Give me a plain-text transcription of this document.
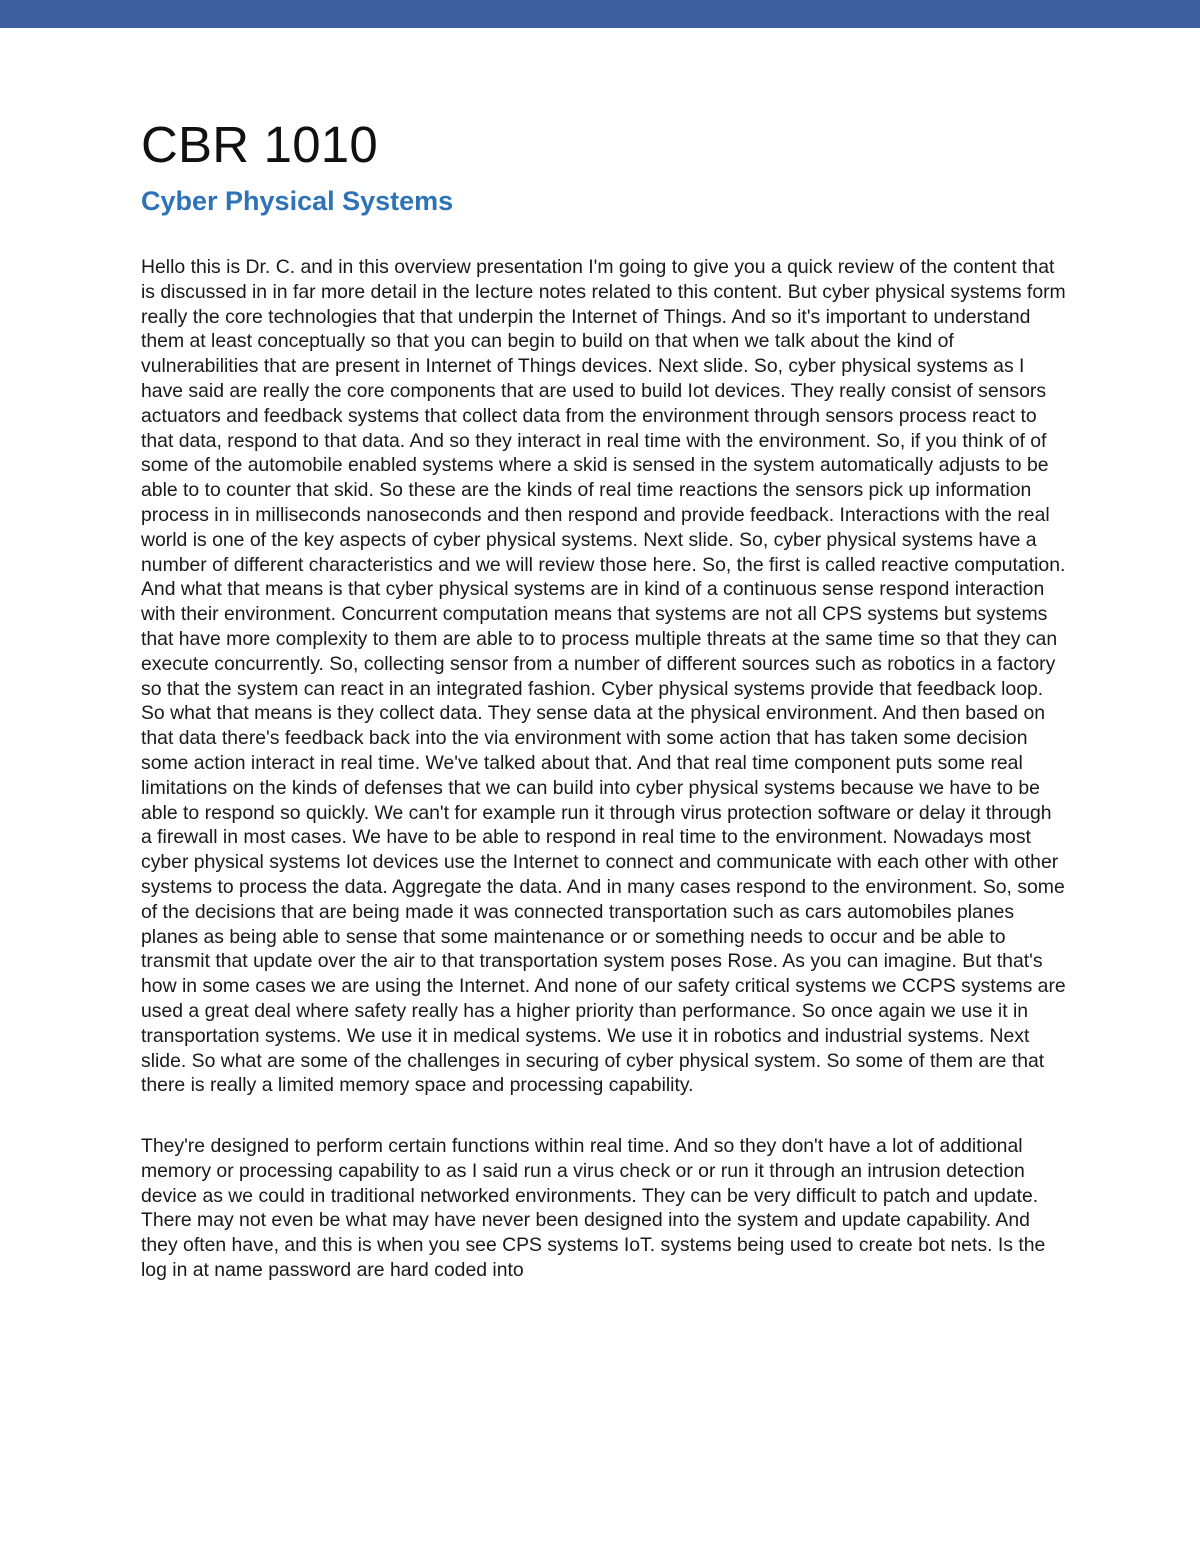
CBR 1010
Cyber Physical Systems

Hello this is Dr. C. and in this overview presentation I'm going to give you a quick review of the content that is discussed in in far more detail in the lecture notes related to this content. But cyber physical systems form really the core technologies that that underpin the Internet of Things. And so it's important to understand them at least conceptually so that you can begin to build on that when we talk about the kind of vulnerabilities that are present in Internet of Things devices. Next slide. So, cyber physical systems as I have said are really the core components that are used to build Iot devices. They really consist of sensors actuators and feedback systems that collect data from the environment through sensors process react to that data, respond to that data. And so they interact in real time with the environment. So, if you think of of some of the automobile enabled systems where a skid is sensed in the system automatically adjusts to be able to to counter that skid. So these are the kinds of real time reactions the sensors pick up information process in in milliseconds nanoseconds and then respond and provide feedback. Interactions with the real world is one of the key aspects of cyber physical systems. Next slide. So, cyber physical systems have a number of different characteristics and we will review those here. So, the first is called reactive computation. And what that means is that cyber physical systems are in kind of a continuous sense respond interaction with their environment. Concurrent computation means that systems are not all CPS systems but systems that have more complexity to them are able to to process multiple threats at the same time so that they can execute concurrently. So, collecting sensor from a number of different sources such as robotics in a factory so that the system can react in an integrated fashion. Cyber physical systems provide that feedback loop. So what that means is they collect data. They sense data at the physical environment. And then based on that data there's feedback back into the via environment with some action that has taken some decision some action interact in real time. We've talked about that. And that real time component puts some real limitations on the kinds of defenses that we can build into cyber physical systems because we have to be able to respond so quickly. We can't for example run it through virus protection software or delay it through a firewall in most cases. We have to be able to respond in real time to the environment. Nowadays most cyber physical systems Iot devices use the Internet to connect and communicate with each other with other systems to process the data. Aggregate the data. And in many cases respond to the environment. So, some of the decisions that are being made it was connected transportation such as cars automobiles planes planes as being able to sense that some maintenance or or something needs to occur and be able to transmit that update over the air to that transportation system poses Rose. As you can imagine. But that's how in some cases we are using the Internet. And none of our safety critical systems we CCPS systems are used a great deal where safety really has a higher priority than performance. So once again we use it in transportation systems. We use it in medical systems. We use it in robotics and industrial systems. Next slide. So what are some of the challenges in securing of cyber physical system. So some of them are that there is really a limited memory space and processing capability.

They're designed to perform certain functions within real time. And so they don't have a lot of additional memory or processing capability to as I said run a virus check or or run it through an intrusion detection device as we could in traditional networked environments. They can be very difficult to patch and update. There may not even be what may have never been designed into the system and update capability. And they often have, and this is when you see CPS systems IoT. systems being used to create bot nets. Is the log in at name password are hard coded into
